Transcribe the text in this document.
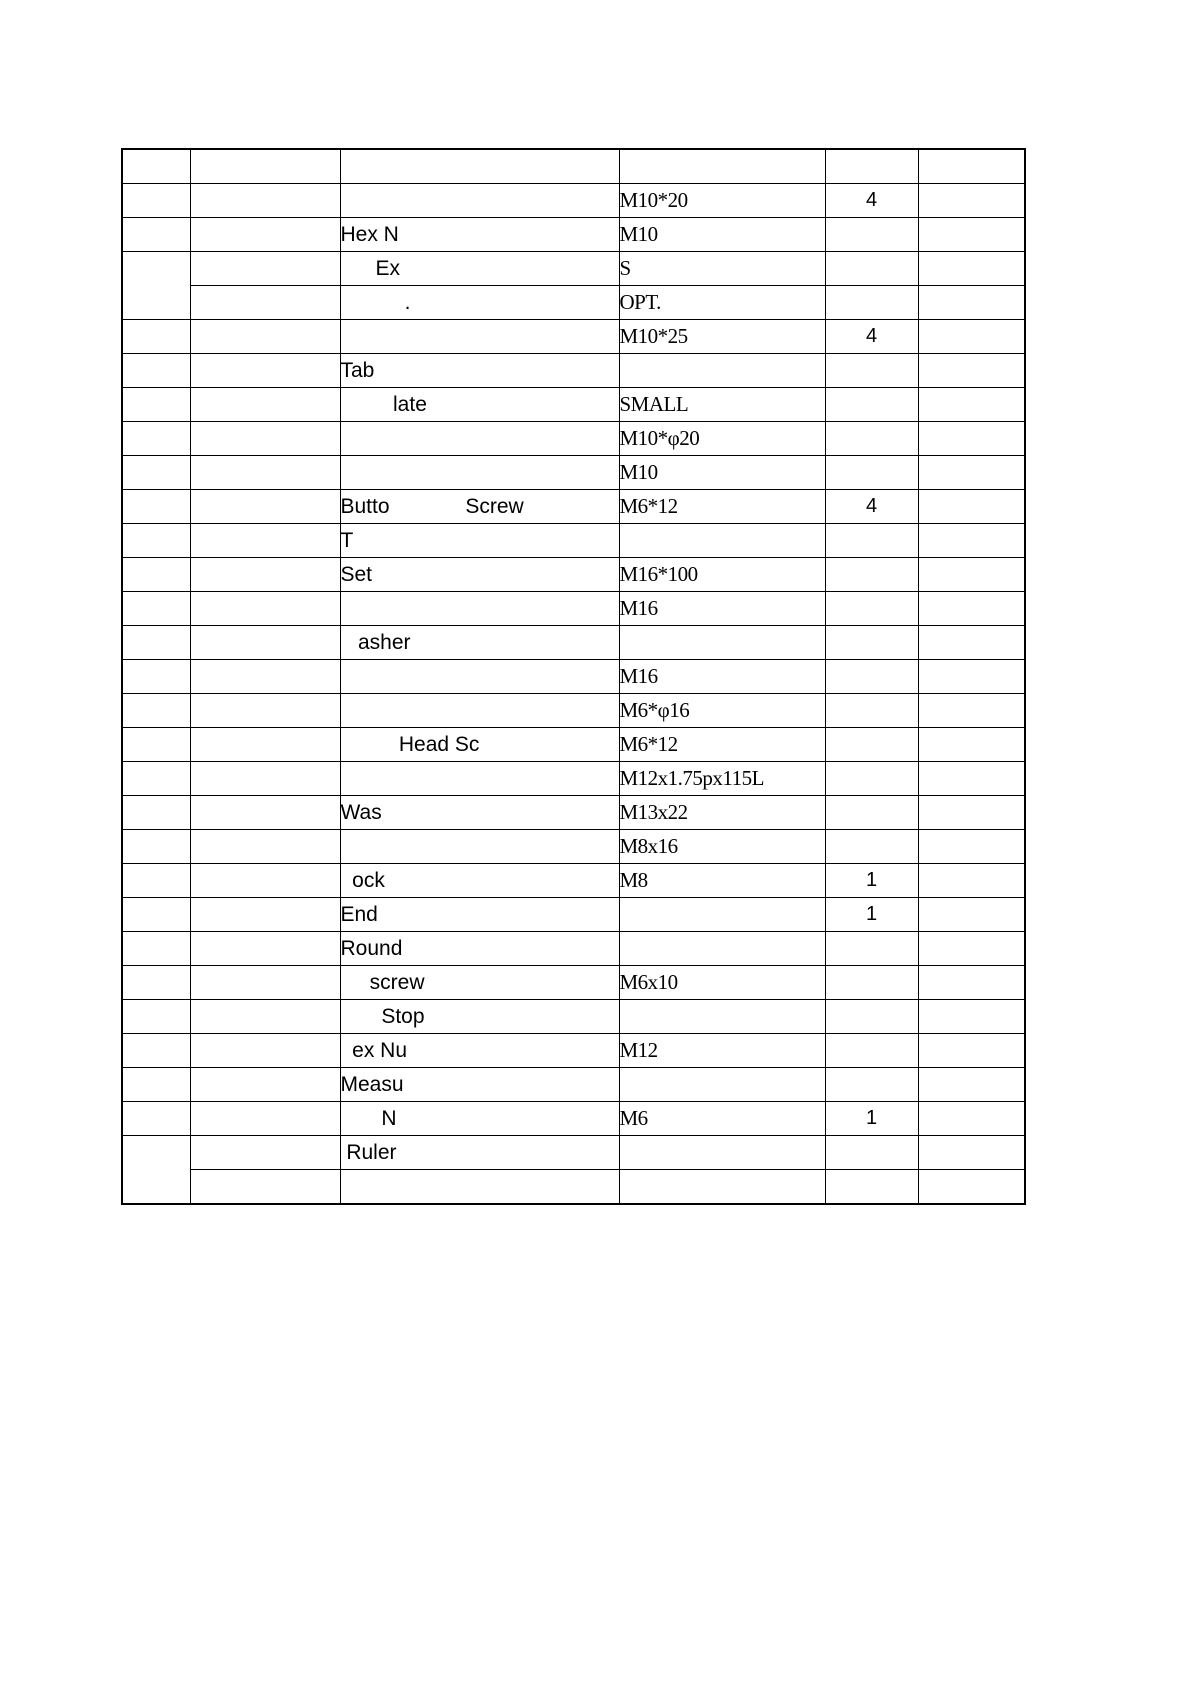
			M10*20	4	
		Hex N	M10		
		Ex	S		
		.	OPT.		
			M10*25	4	
		Tab			
		late	SMALL		
			M10*φ20		
			M10		
		Butto             Screw	M6*12	4	
		T			
		Set	M16*100		
			M16		
		asher			
			M16		
			M6*φ16		
		Head Sc	M6*12		
			M12x1.75px115L		
		Was	M13x22		
			M8x16		
		ock	M8	1	
		End		1	
		Round			
		screw	M6x10		
		Stop			
		ex Nu	M12		
		Measu			
		N	M6	1	
		Ruler			
